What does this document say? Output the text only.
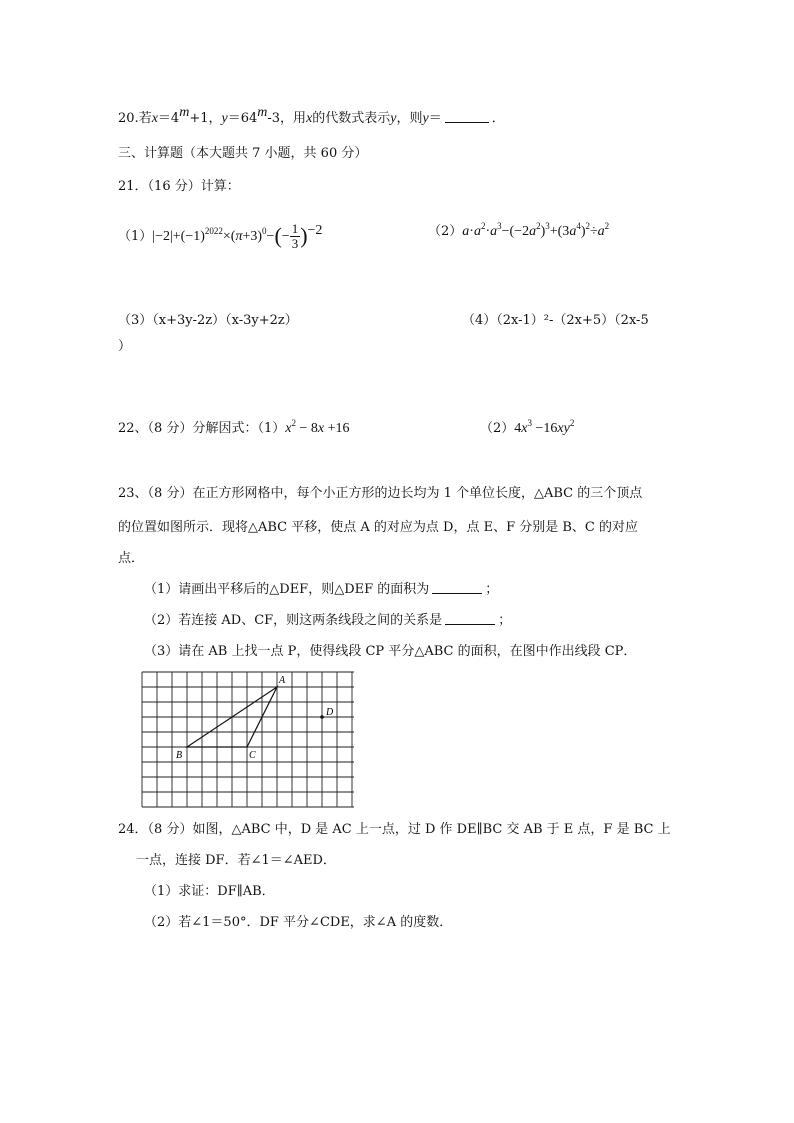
20.若$x=4^m+1$，$y=64^m-3$，用x的代数式表示y，则y＝	．
三、计算题（本大题共 7 小题，共 60 分）
21．（16 分）计算：
$(1)|-2|+(-1)^{2022}\times(\pi+3)^0-(- \frac{1}{3} )^{-2}$	$(2)a\cdot a^2\cdot a^3-(-2a^2)^3+(3a^4)^2\div a^2$
（3）（x+3y-2z）（x-3y+2z）	（4）（2x-1）²-（2x+5）（2x-5
）
22、（8 分）分解因式：$(1)x^2 - 8x +16$	$(2)4x^3 -16xy^2$
23、（8 分）在正方形网格中，每个小正方形的边长均为 1 个单位长度，△ABC 的三个顶点
的位置如图所示．现将△ABC 平移，使点 A 的对应为点 D，点 E、F 分别是 B、C 的对应
点．
（1）请画出平移后的△DEF，则△DEF 的面积为	；
（2）若连接 AD、CF，则这两条线段之间的关系是	；
（3）请在 AB 上找一点 P，使得线段 CP 平分△ABC 的面积，在图中作出线段 CP．
A
B	C
D
24．（8 分）如图，△ABC 中，D 是 AC 上一点，过 D 作 DE∥BC 交 AB 于 E 点，F 是 BC 上
一点，连接 DF．若∠1＝∠AED．
（1）求证：DF∥AB．
（2）若∠1＝50°．DF 平分∠CDE，求∠A 的度数．
